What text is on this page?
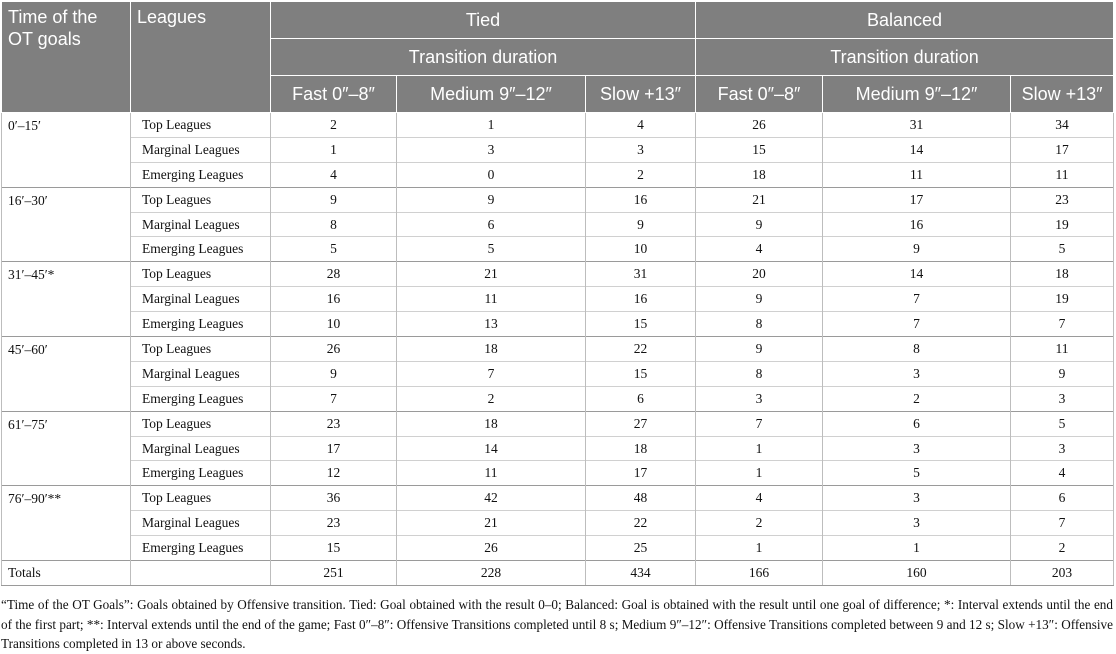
Time of the OT goals	Leagues	Tied			Balanced		
		Transition duration			Transition duration		
		Fast 0″–8″	Medium 9″–12″	Slow +13″	Fast 0″–8″	Medium 9″–12″	Slow +13″
0′–15′	Top Leagues	2	1	4	26	31	34
	Marginal Leagues	1	3	3	15	14	17
	Emerging Leagues	4	0	2	18	11	11
16′–30′	Top Leagues	9	9	16	21	17	23
	Marginal Leagues	8	6	9	9	16	19
	Emerging Leagues	5	5	10	4	9	5
31′–45′*	Top Leagues	28	21	31	20	14	18
	Marginal Leagues	16	11	16	9	7	19
	Emerging Leagues	10	13	15	8	7	7
45′–60′	Top Leagues	26	18	22	9	8	11
	Marginal Leagues	9	7	15	8	3	9
	Emerging Leagues	7	2	6	3	2	3
61′–75′	Top Leagues	23	18	27	7	6	5
	Marginal Leagues	17	14	18	1	3	3
	Emerging Leagues	12	11	17	1	5	4
76′–90′**	Top Leagues	36	42	48	4	3	6
	Marginal Leagues	23	21	22	2	3	7
	Emerging Leagues	15	26	25	1	1	2
Totals		251	228	434	166	160	203

“Time of the OT Goals”: Goals obtained by Offensive transition. Tied: Goal obtained with the result 0–0; Balanced: Goal is obtained with the result until one goal of difference; *: Interval extends until the end of the first part; **: Interval extends until the end of the game; Fast 0″–8″: Offensive Transitions completed until 8 s; Medium 9″–12″: Offensive Transitions completed between 9 and 12 s; Slow +13″: Offensive Transitions completed in 13 or above seconds.
